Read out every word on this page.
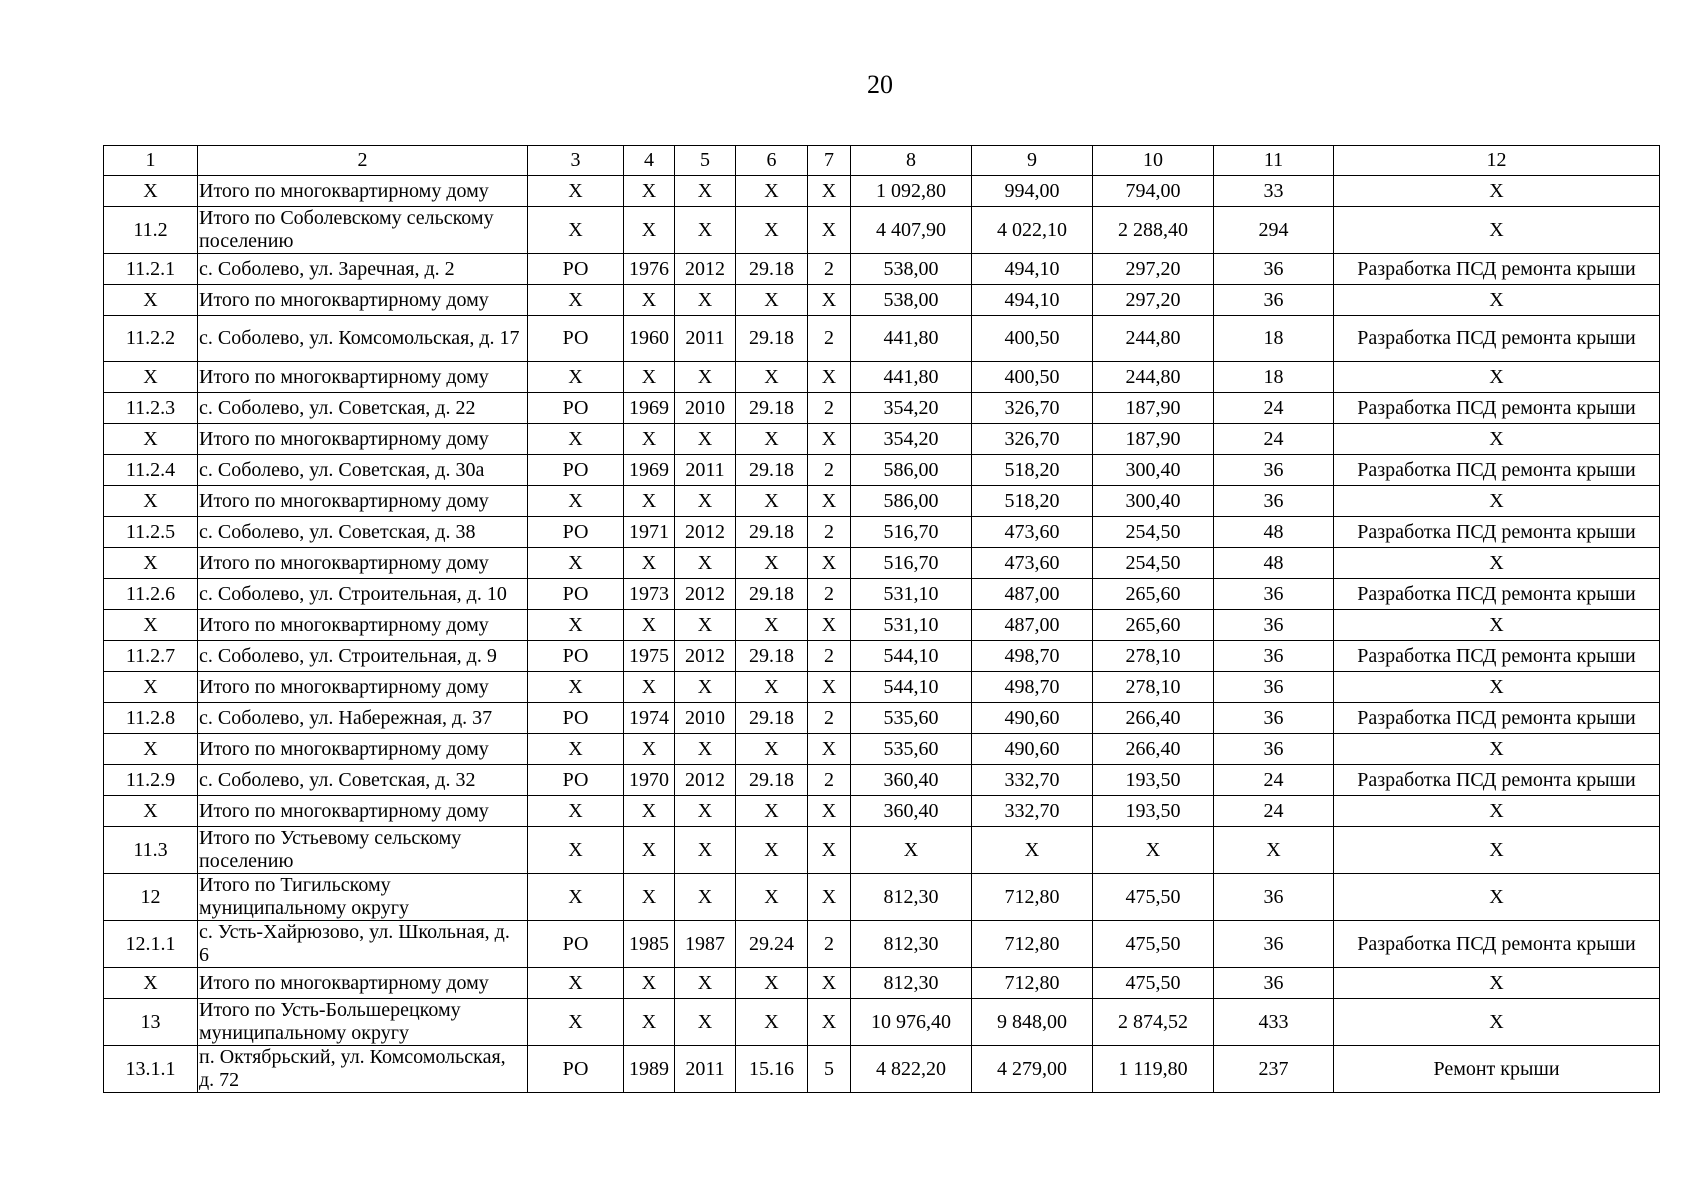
20
1	2	3	4	5	6	7	8	9	10	11	12
X	Итого по многоквартирному дому	X	X	X	X	X	1 092,80	994,00	794,00	33	X
11.2	Итого по Соболевскому сельскому поселению	X	X	X	X	X	4 407,90	4 022,10	2 288,40	294	X
11.2.1	с. Соболево, ул. Заречная, д. 2	РО	1976	2012	29.18	2	538,00	494,10	297,20	36	Разработка ПСД ремонта крыши
X	Итого по многоквартирному дому	X	X	X	X	X	538,00	494,10	297,20	36	X
11.2.2	с. Соболево, ул. Комсомольская, д. 17	РО	1960	2011	29.18	2	441,80	400,50	244,80	18	Разработка ПСД ремонта крыши
X	Итого по многоквартирному дому	X	X	X	X	X	441,80	400,50	244,80	18	X
11.2.3	с. Соболево, ул. Советская, д. 22	РО	1969	2010	29.18	2	354,20	326,70	187,90	24	Разработка ПСД ремонта крыши
X	Итого по многоквартирному дому	X	X	X	X	X	354,20	326,70	187,90	24	X
11.2.4	с. Соболево, ул. Советская, д. 30а	РО	1969	2011	29.18	2	586,00	518,20	300,40	36	Разработка ПСД ремонта крыши
X	Итого по многоквартирному дому	X	X	X	X	X	586,00	518,20	300,40	36	X
11.2.5	с. Соболево, ул. Советская, д. 38	РО	1971	2012	29.18	2	516,70	473,60	254,50	48	Разработка ПСД ремонта крыши
X	Итого по многоквартирному дому	X	X	X	X	X	516,70	473,60	254,50	48	X
11.2.6	с. Соболево, ул. Строительная, д. 10	РО	1973	2012	29.18	2	531,10	487,00	265,60	36	Разработка ПСД ремонта крыши
X	Итого по многоквартирному дому	X	X	X	X	X	531,10	487,00	265,60	36	X
11.2.7	с. Соболево, ул. Строительная, д. 9	РО	1975	2012	29.18	2	544,10	498,70	278,10	36	Разработка ПСД ремонта крыши
X	Итого по многоквартирному дому	X	X	X	X	X	544,10	498,70	278,10	36	X
11.2.8	с. Соболево, ул. Набережная, д. 37	РО	1974	2010	29.18	2	535,60	490,60	266,40	36	Разработка ПСД ремонта крыши
X	Итого по многоквартирному дому	X	X	X	X	X	535,60	490,60	266,40	36	X
11.2.9	с. Соболево, ул. Советская, д. 32	РО	1970	2012	29.18	2	360,40	332,70	193,50	24	Разработка ПСД ремонта крыши
X	Итого по многоквартирному дому	X	X	X	X	X	360,40	332,70	193,50	24	X
11.3	Итого по Устьевому сельскому поселению	X	X	X	X	X	X	X	X	X	X
12	Итого по Тигильскому муниципальному округу	X	X	X	X	X	812,30	712,80	475,50	36	X
12.1.1	с. Усть-Хайрюзово, ул. Школьная, д. 6	РО	1985	1987	29.24	2	812,30	712,80	475,50	36	Разработка ПСД ремонта крыши
X	Итого по многоквартирному дому	X	X	X	X	X	812,30	712,80	475,50	36	X
13	Итого по Усть-Большерецкому муниципальному округу	X	X	X	X	X	10 976,40	9 848,00	2 874,52	433	X
13.1.1	п. Октябрьский, ул. Комсомольская, д. 72	РО	1989	2011	15.16	5	4 822,20	4 279,00	1 119,80	237	Ремонт крыши
